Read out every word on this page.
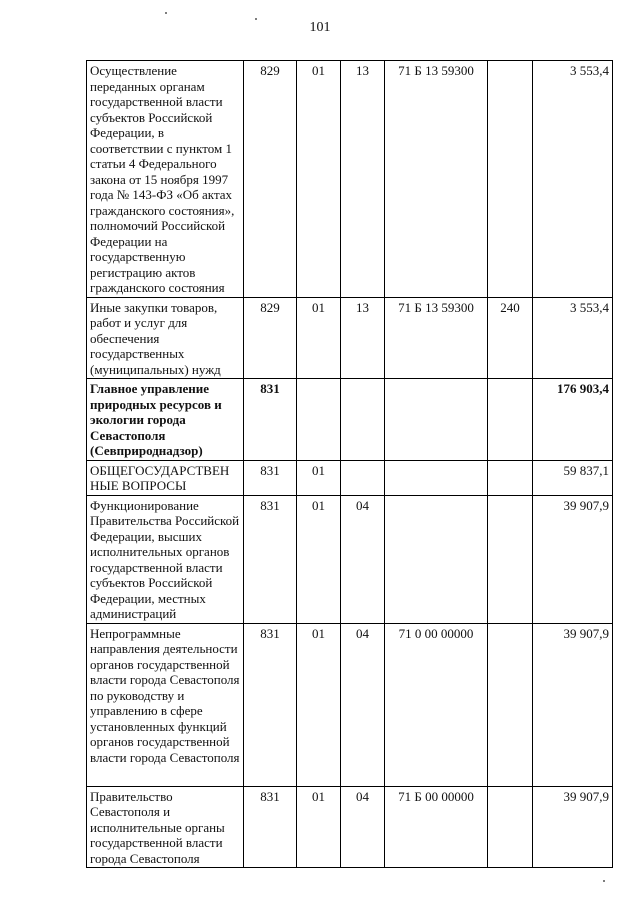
101
Осуществление переданных органам государственной власти субъектов Российской Федерации, в соответствии с пунктом 1 статьи 4 Федерального закона от 15 ноября 1997 года № 143-ФЗ «Об актах гражданского состояния», полномочий Российской Федерации на государственную регистрацию актов гражданского состояния	829	01	13	71 Б 13 59300		3 553,4
Иные закупки товаров, работ и услуг для обеспечения государственных (муниципальных) нужд	829	01	13	71 Б 13 59300	240	3 553,4
Главное управление природных ресурсов и экологии города Севастополя (Севприроднадзор)	831					176 903,4
ОБЩЕГОСУДАРСТВЕН НЫЕ ВОПРОСЫ	831	01				59 837,1
Функционирование Правительства Российской Федерации, высших исполнительных органов государственной власти субъектов Российской Федерации, местных администраций	831	01	04			39 907,9
Непрограммные направления деятельности органов государственной власти города Севастополя по руководству и управлению в сфере установленных функций органов государственной власти города Севастополя	831	01	04	71 0 00 00000		39 907,9
Правительство Севастополя и исполнительные органы государственной власти города Севастополя	831	01	04	71 Б 00 00000		39 907,9
